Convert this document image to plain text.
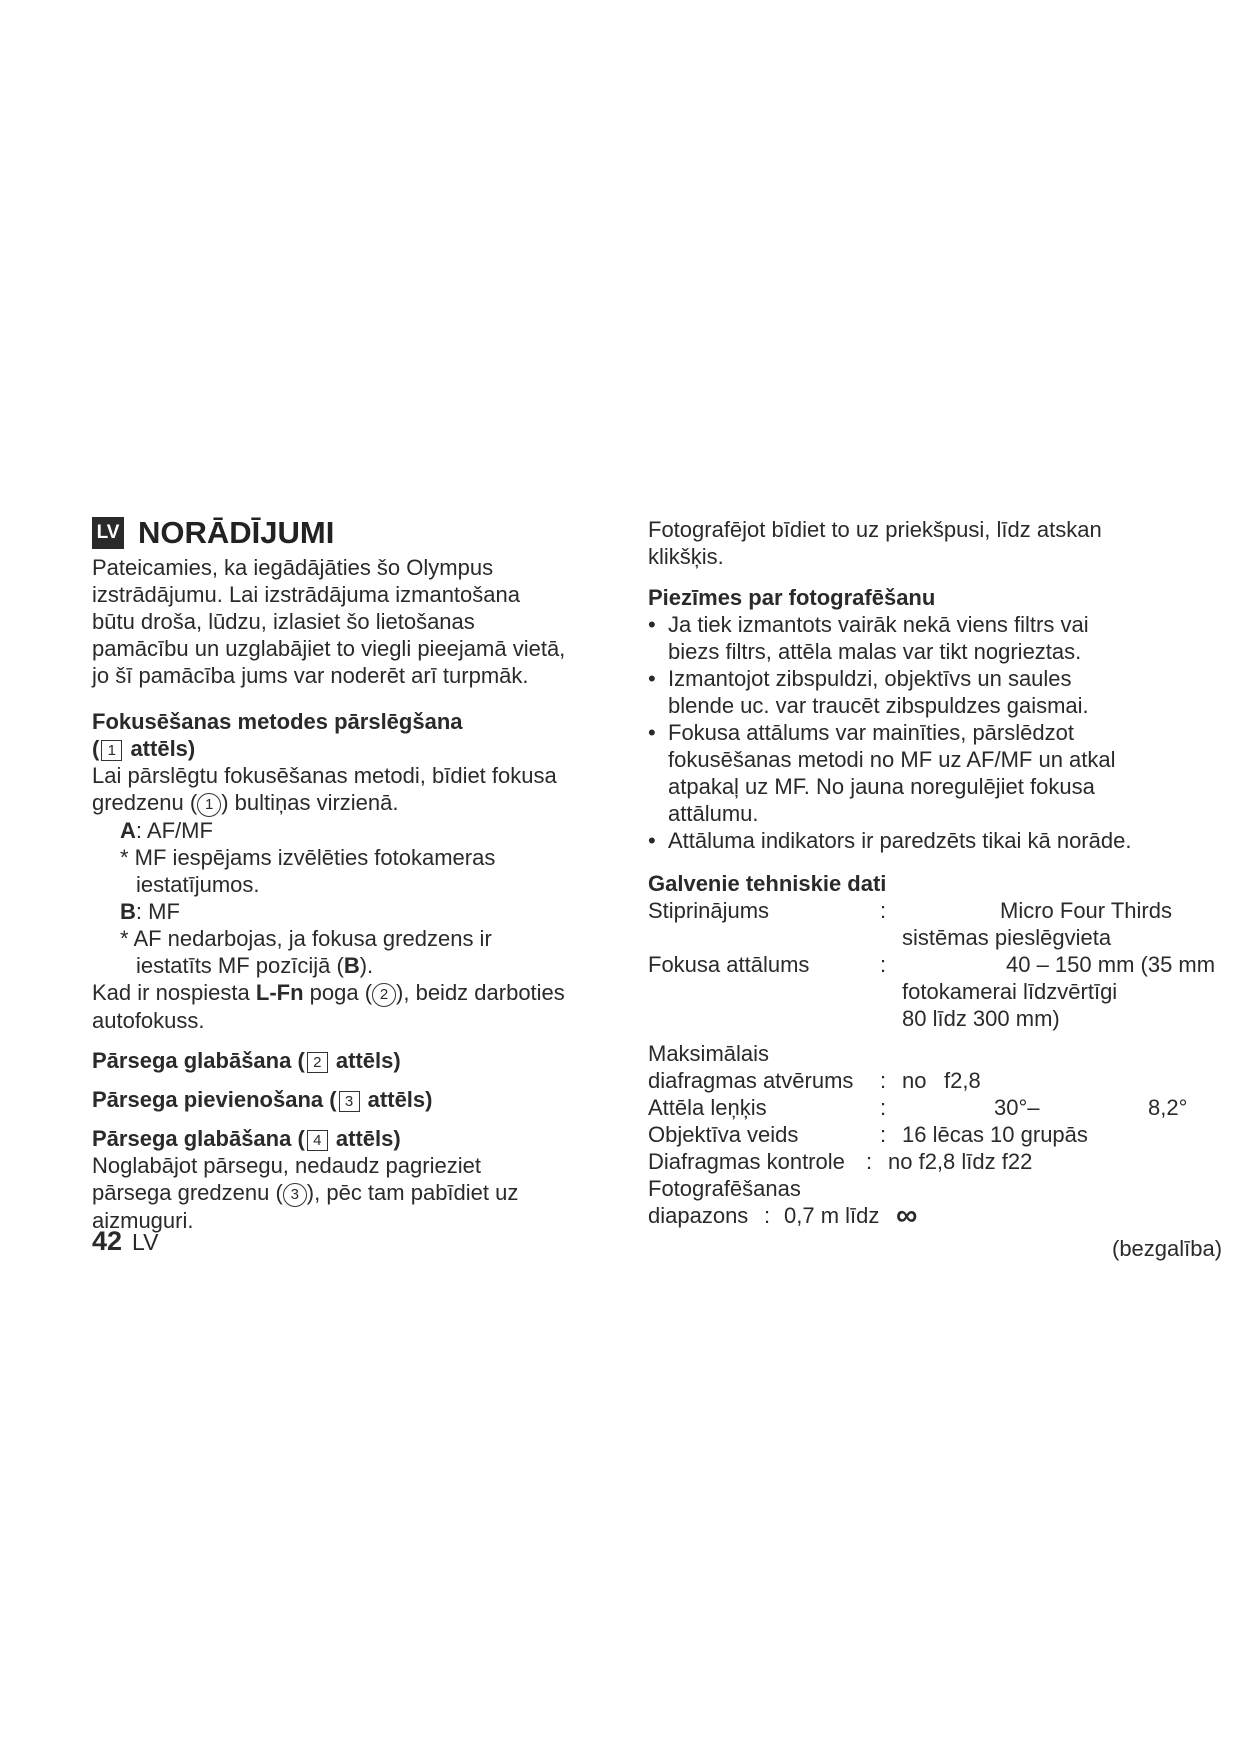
LV NORĀDĪJUMI

Pateicamies, ka iegādājāties šo Olympus

izstrādājumu. Lai izstrādājuma izmantošana

būtu droša, lūdzu, izlasiet šo lietošanas

pamācību un uzglabājiet to viegli pieejamā vietā,

jo šī pamācība jums var noderēt arī turpmāk.

Fokusēšanas metodes pārslēgšana

( 1 attēls)

Lai pārslēgtu fokusēšanas metodi, bīdiet fokusa

gredzenu ( 1 ) bultiņas virzienā.

A: AF/MF

* MF iespējams izvēlēties fotokameras
iestatījumos.

B: MF

* AF nedarbojas, ja fokusa gredzens ir
iestatīts MF pozīcijā (B).

Kad ir nospiesta L-Fn poga ( 2 ), beidz darboties

autofokuss.

Pārsega glabāšana ( 2 attēls)

Pārsega pievienošana ( 3 attēls)

Pārsega glabāšana ( 4 attēls)

Noglabājot pārsegu, nedaudz pagrieziet

pārsega gredzenu ( 3 ), pēc tam pabīdiet uz

aizmuguri.

Fotografējot bīdiet to uz priekšpusi, līdz atskan

klikšķis.

Piezīmes par fotografēšanu

• Ja tiek izmantots vairāk nekā viens filtrs vai
biezs filtrs, attēla malas var tikt nogrieztas.
• Izmantojot zibspuldzi, objektīvs un saules
blende uc. var traucēt zibspuldzes gaismai.
• Fokusa attālums var mainīties, pārslēdzot
fokusēšanas metodi no MF uz AF/MF un atkal
atpakaļ uz MF. No jauna noregulējiet fokusa
attālumu.
• Attāluma indikators ir paredzēts tikai kā norāde.

Galvenie tehniskie dati

Stiprinājums	:	Micro Four Thirds
sistēmas pieslēgvieta
Fokusa attālums	:	40 – 150 mm (35 mm
fotokamerai līdzvērtīgi
80 līdz 300 mm)
Maksimālais
diafragmas atvērums : no f2,8
Attēla leņķis	:	30°–	8,2°
Objektīva veids	: 16 lēcas 10 grupās
Diafragmas kontrole : no f2,8 līdz f22
Fotografēšanas
diapazons : 0,7 m līdz ∞
(bezgalība)
42 LV
